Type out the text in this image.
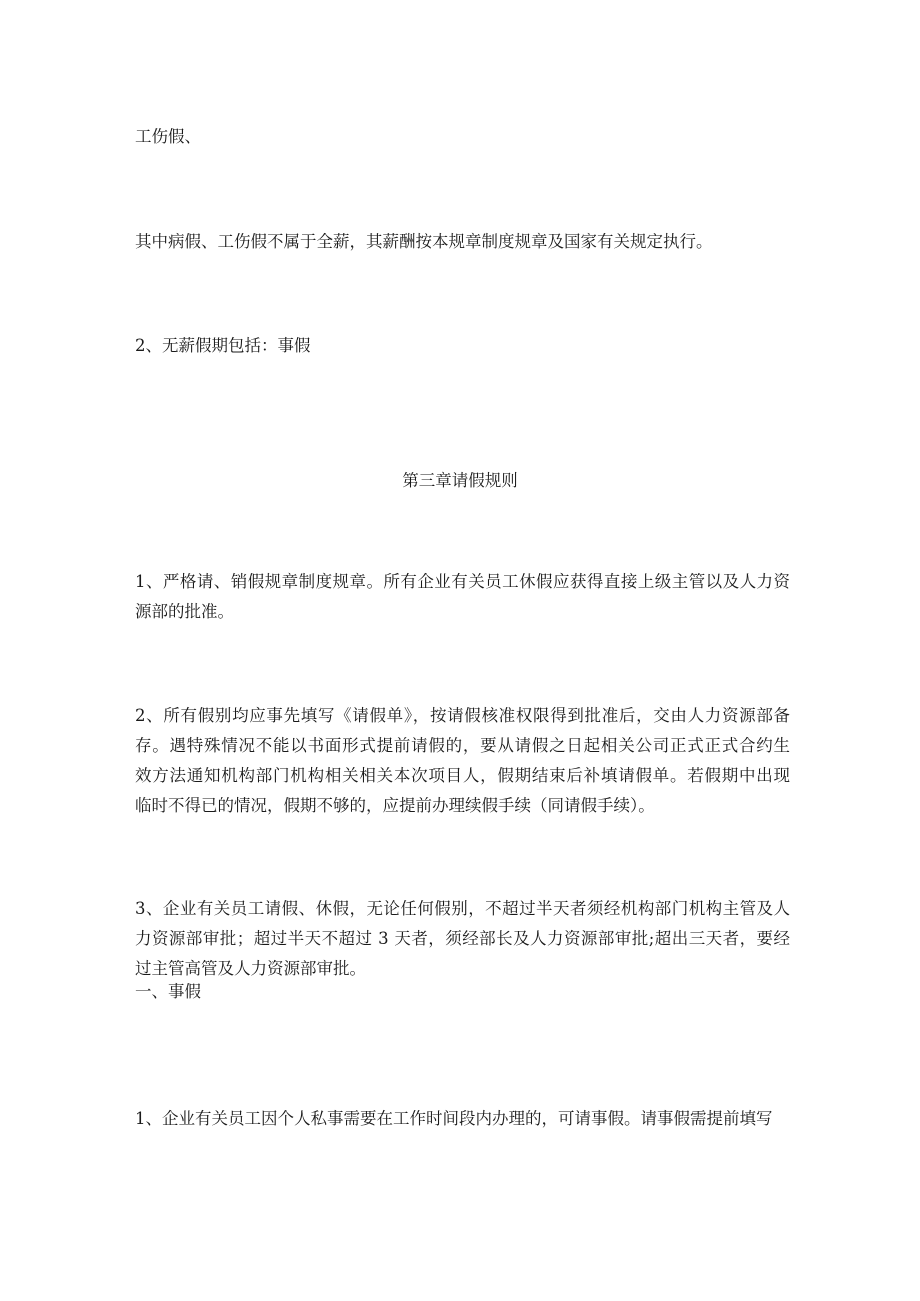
工伤假、
其中病假、工伤假不属于全薪，其薪酬按本规章制度规章及国家有关规定执行。
2、无薪假期包括：事假
第三章请假规则
1、严格请、销假规章制度规章。所有企业有关员工休假应获得直接上级主管以及人力资
源部的批准。
2、所有假别均应事先填写《请假单》，按请假核准权限得到批准后，交由人力资源部备
存。遇特殊情况不能以书面形式提前请假的，要从请假之日起相关公司正式正式合约生
效方法通知机构部门机构相关相关本次项目人，假期结束后补填请假单。若假期中出现
临时不得已的情况，假期不够的，应提前办理续假手续（同请假手续）。
3、企业有关员工请假、休假，无论任何假别，不超过半天者须经机构部门机构主管及人
力资源部审批；超过半天不超过 3 天者，须经部长及人力资源部审批;超出三天者，要经
过主管高管及人力资源部审批。
一、事假
1、企业有关员工因个人私事需要在工作时间段内办理的，可请事假。请事假需提前填写
